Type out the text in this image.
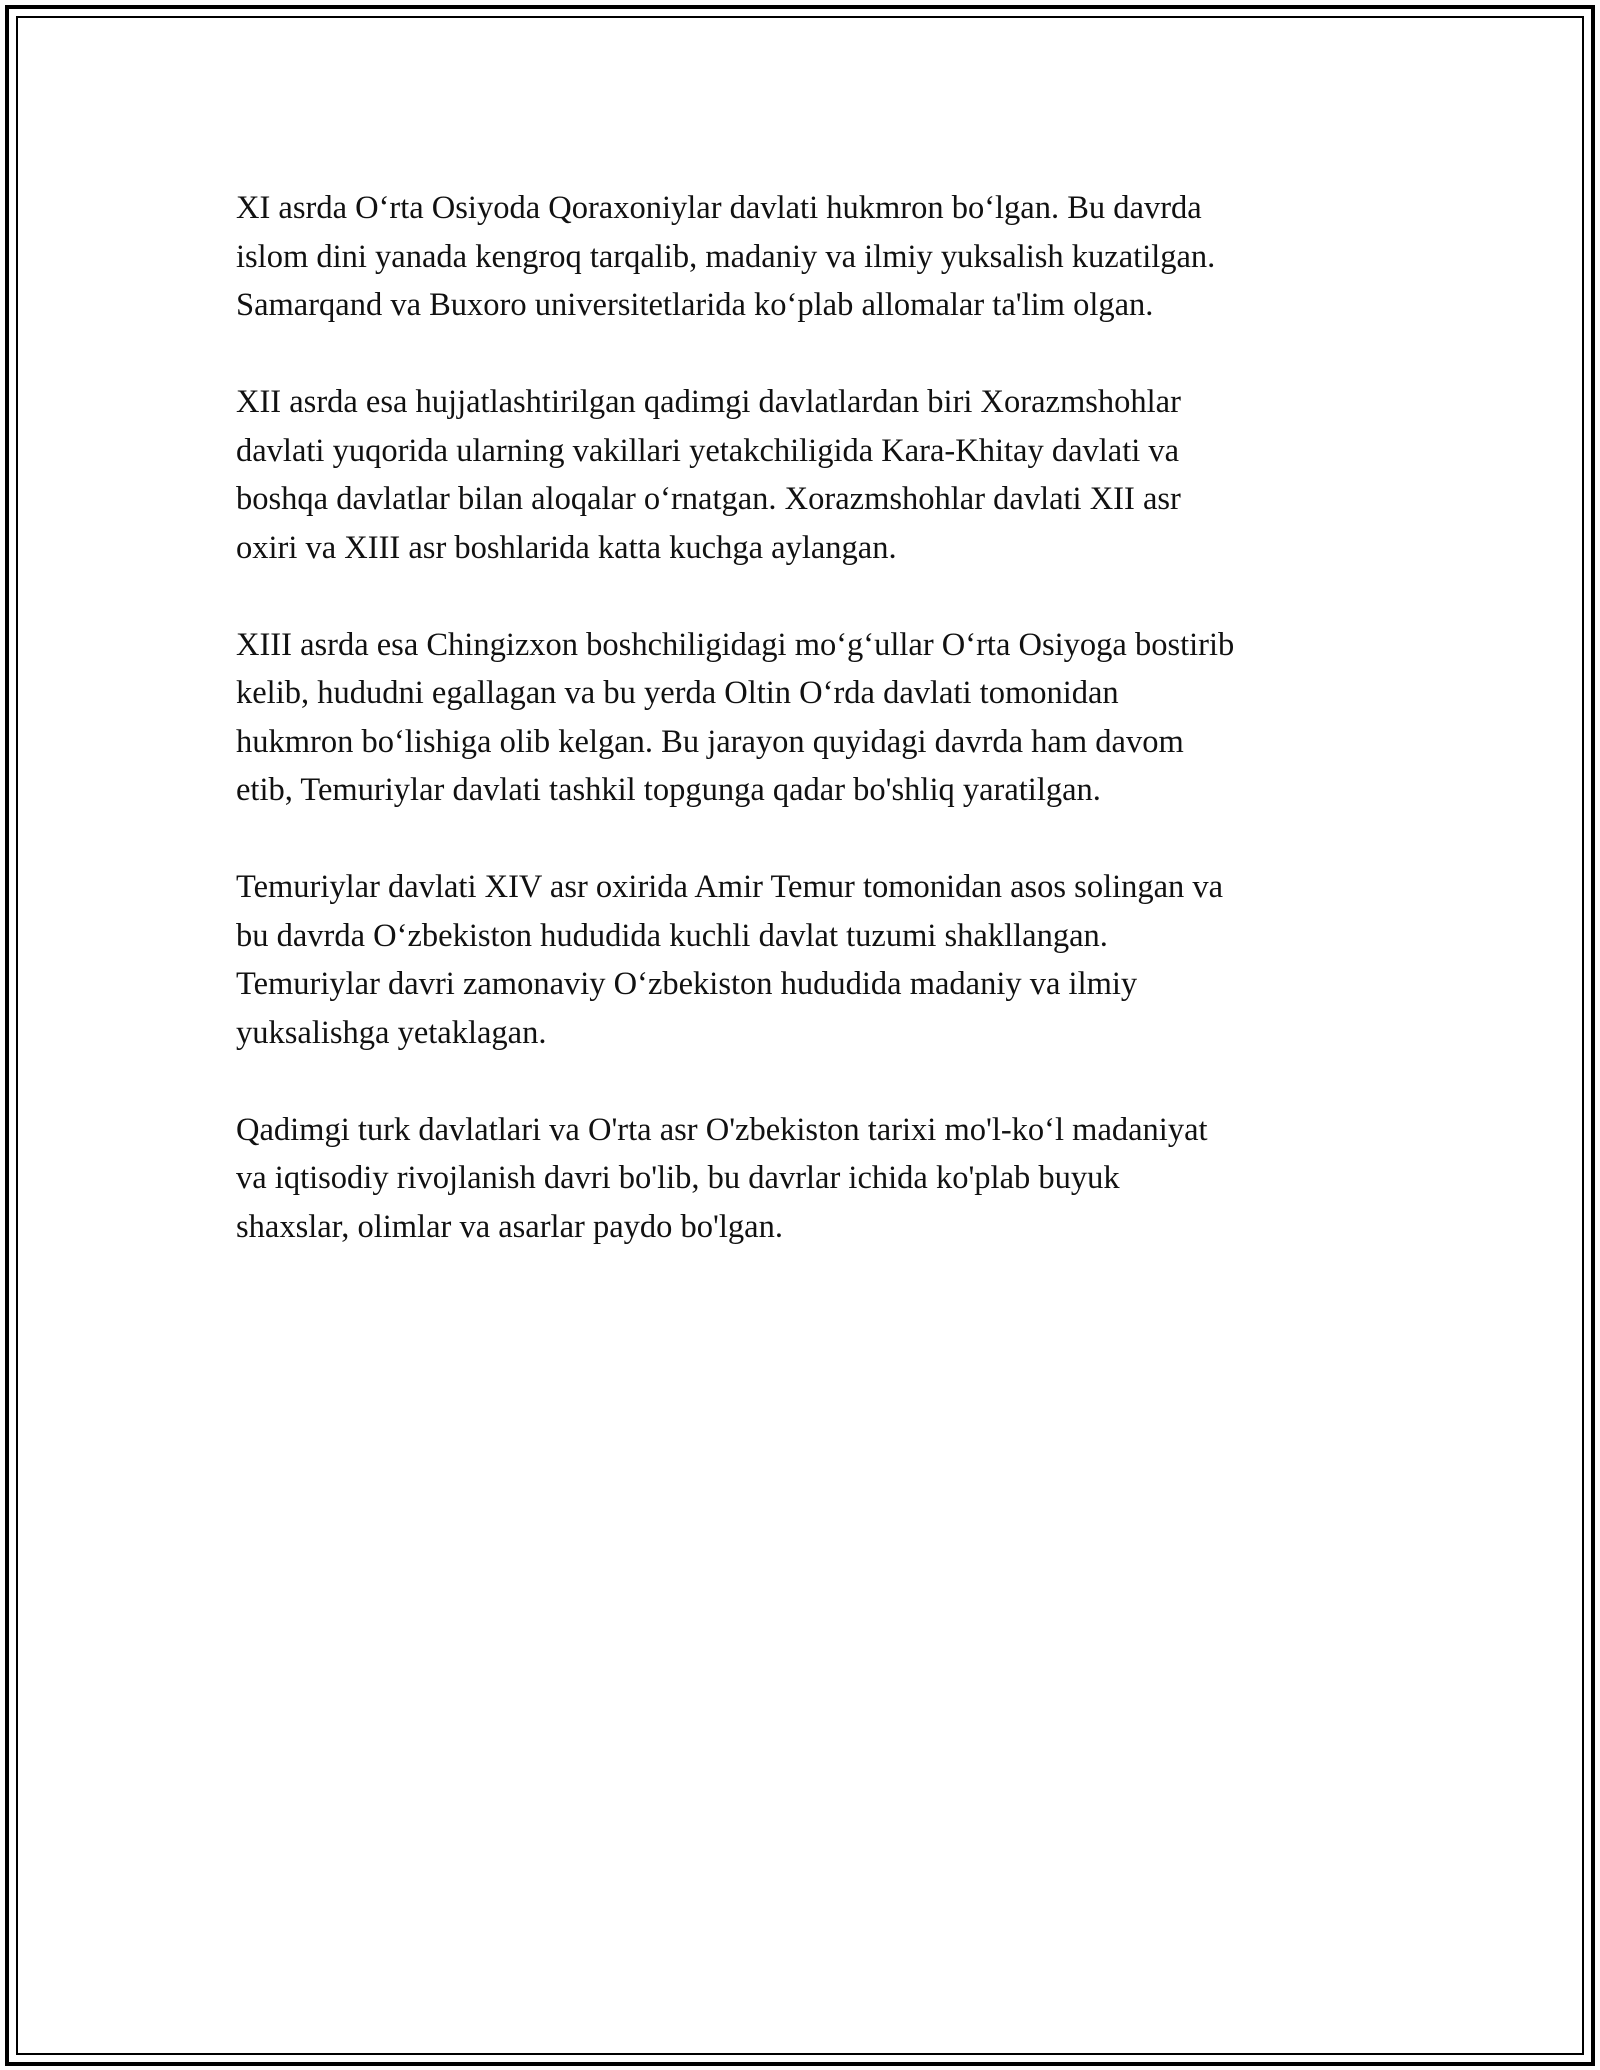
XI asrda O‘rta Osiyoda Qoraxoniylar davlati hukmron bo‘lgan. Bu davrda
islom dini yanada kengroq tarqalib, madaniy va ilmiy yuksalish kuzatilgan.
Samarqand va Buxoro universitetlarida ko‘plab allomalar ta'lim olgan.

XII asrda esa hujjatlashtirilgan qadimgi davlatlardan biri Xorazmshohlar
davlati yuqorida ularning vakillari yetakchiligida Kara-Khitay davlati va
boshqa davlatlar bilan aloqalar o‘rnatgan. Xorazmshohlar davlati XII asr
oxiri va XIII asr boshlarida katta kuchga aylangan.

XIII asrda esa Chingizxon boshchiligidagi mo‘g‘ullar O‘rta Osiyoga bostirib
kelib, hududni egallagan va bu yerda Oltin O‘rda davlati tomonidan
hukmron bo‘lishiga olib kelgan. Bu jarayon quyidagi davrda ham davom
etib, Temuriylar davlati tashkil topgunga qadar bo'shliq yaratilgan.

Temuriylar davlati XIV asr oxirida Amir Temur tomonidan asos solingan va
bu davrda O‘zbekiston hududida kuchli davlat tuzumi shakllangan.
Temuriylar davri zamonaviy O‘zbekiston hududida madaniy va ilmiy
yuksalishga yetaklagan.

Qadimgi turk davlatlari va O'rta asr O'zbekiston tarixi mo'l-ko‘l madaniyat
va iqtisodiy rivojlanish davri bo'lib, bu davrlar ichida ko'plab buyuk
shaxslar, olimlar va asarlar paydo bo'lgan.
